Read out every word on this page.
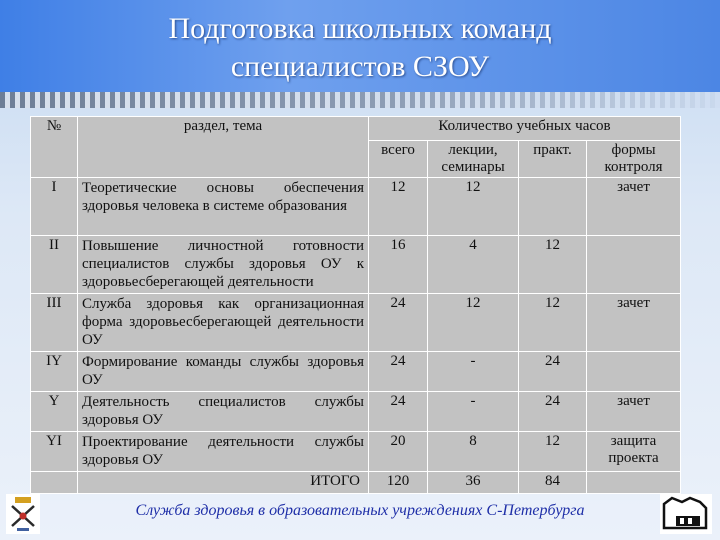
Подготовка школьных команд
специалистов СЗОУ
№	раздел, тема	Количество учебных часов			
		всего	лекции, семинары	практ.	формы контроля
I	Теоретические основы обеспечения здоровья человека в системе образования	12	12		зачет
II	Повышение личностной готовности специалистов службы здоровья ОУ к здоровьесберегающей деятельности	16	4	12	
III	Служба здоровья как организационная форма здоровьесберегающей деятельности ОУ	24	12	12	зачет
IY	Формирование команды службы здоровья ОУ	24	-	24	
Y	Деятельность специалистов службы здоровья ОУ	24	-	24	зачет
YI	Проектирование деятельности службы здоровья ОУ	20	8	12	защита проекта
	ИТОГО	120	36	84	
Служба здоровья в образовательных учреждениях С-Петербурга
